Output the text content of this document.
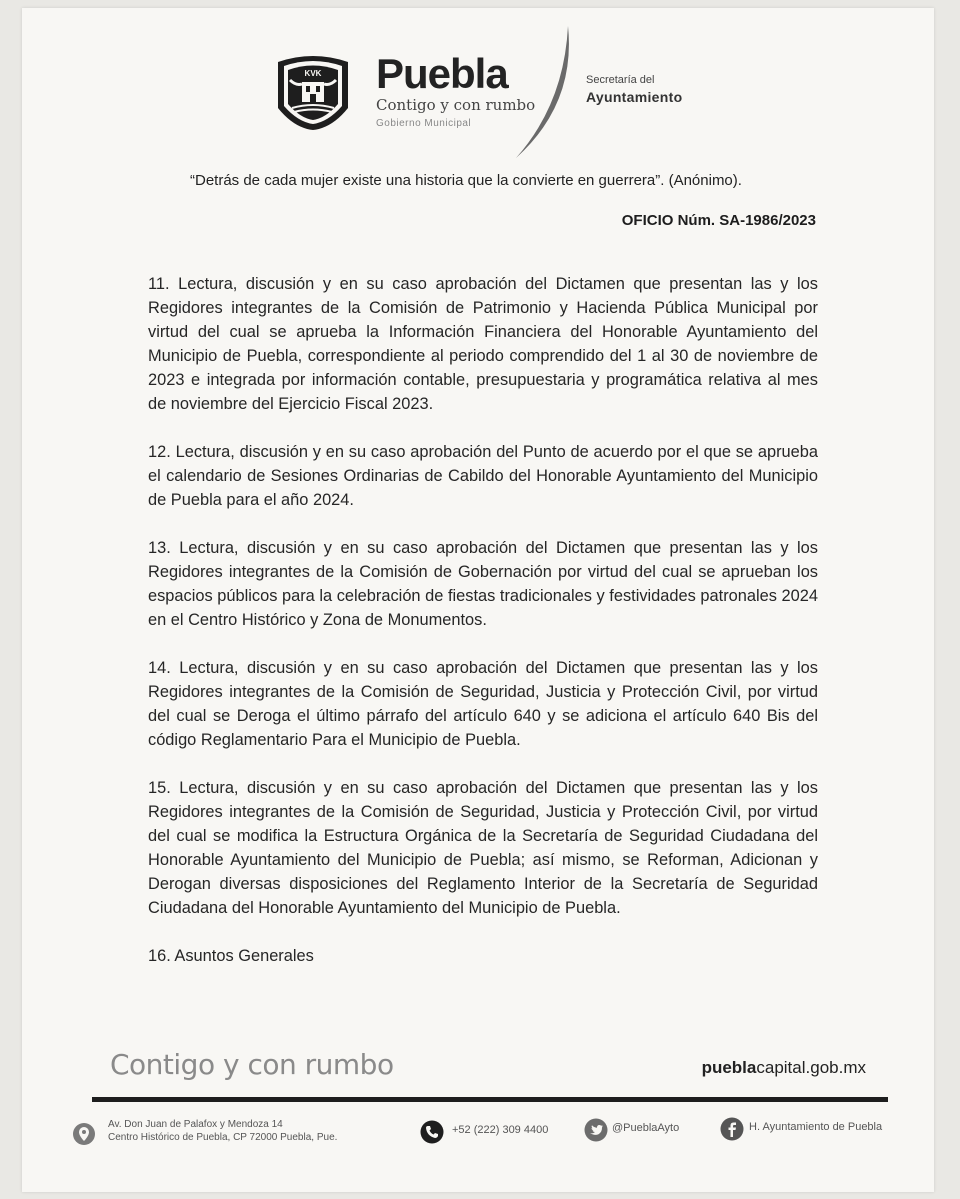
KVK Puebla
Contigo y con rumbo
Gobierno Municipal
Secretaría del
Ayuntamiento
“Detrás de cada mujer existe una historia que la convierte en guerrera”. (Anónimo).
OFICIO Núm. SA-1986/2023

11. Lectura, discusión y en su caso aprobación del Dictamen que presentan las y los Regidores integrantes de la Comisión de Patrimonio y Hacienda Pública Municipal por virtud del cual se aprueba la Información Financiera del Honorable Ayuntamiento del Municipio de Puebla, correspondiente al periodo comprendido del 1 al 30 de noviembre de 2023 e integrada por información contable, presupuestaria y programática relativa al mes de noviembre del Ejercicio Fiscal 2023.

12. Lectura, discusión y en su caso aprobación del Punto de acuerdo por el que se aprueba el calendario de Sesiones Ordinarias de Cabildo del Honorable Ayuntamiento del Municipio de Puebla para el año 2024.

13. Lectura, discusión y en su caso aprobación del Dictamen que presentan las y los Regidores integrantes de la Comisión de Gobernación por virtud del cual se aprueban los espacios públicos para la celebración de fiestas tradicionales y festividades patronales 2024 en el Centro Histórico y Zona de Monumentos.

14. Lectura, discusión y en su caso aprobación del Dictamen que presentan las y los Regidores integrantes de la Comisión de Seguridad, Justicia y Protección Civil, por virtud del cual se Deroga el último párrafo del artículo 640 y se adiciona el artículo 640 Bis del código Reglamentario Para el Municipio de Puebla.

15. Lectura, discusión y en su caso aprobación del Dictamen que presentan las y los Regidores integrantes de la Comisión de Seguridad, Justicia y Protección Civil, por virtud del cual se modifica la Estructura Orgánica de la Secretaría de Seguridad Ciudadana del Honorable Ayuntamiento del Municipio de Puebla; así mismo, se Reforman, Adicionan y Derogan diversas disposiciones del Reglamento Interior de la Secretaría de Seguridad Ciudadana del Honorable Ayuntamiento del Municipio de Puebla.

16. Asuntos Generales

Contigo y con rumbo	pueblacapital.gob.mx
Av. Don Juan de Palafox y Mendoza 14
Centro Histórico de Puebla, CP 72000 Puebla, Pue.
+52 (222) 309 4400	@PueblaAyto	H. Ayuntamiento de Puebla
